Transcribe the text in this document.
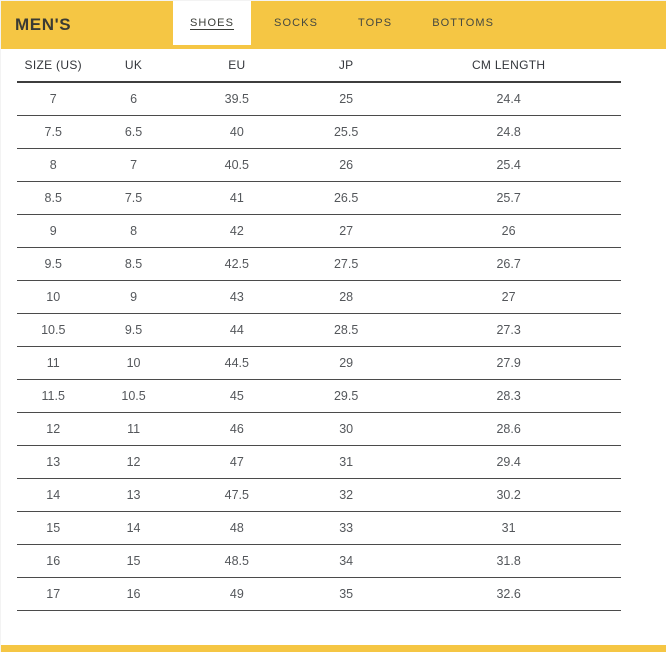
MEN'S	SHOES	SOCKS	TOPS	BOTTOMS
SIZE (US)	UK	EU	JP	CM LENGTH
7	6	39.5	25	24.4
7.5	6.5	40	25.5	24.8
8	7	40.5	26	25.4
8.5	7.5	41	26.5	25.7
9	8	42	27	26
9.5	8.5	42.5	27.5	26.7
10	9	43	28	27
10.5	9.5	44	28.5	27.3
11	10	44.5	29	27.9
11.5	10.5	45	29.5	28.3
12	11	46	30	28.6
13	12	47	31	29.4
14	13	47.5	32	30.2
15	14	48	33	31
16	15	48.5	34	31.8
17	16	49	35	32.6
